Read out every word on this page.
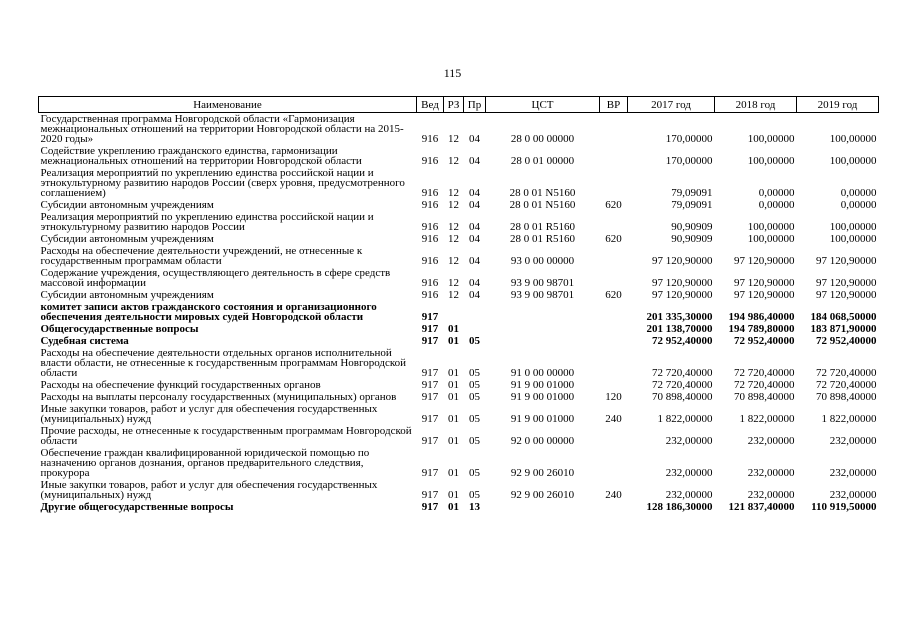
115
Наименование	Вед	РЗ	Пр	ЦСТ	ВР	2017 год	2018 год	2019 год
Государственная программа Новгородской области «Гармонизация межнациональных отношений на территории Новгородской области на 2015-2020 годы»	916	12	04	28 0 00 00000		170,00000	100,00000	100,00000
Содействие укреплению гражданского единства, гармонизации межнациональных отношений на территории Новгородской области	916	12	04	28 0 01 00000		170,00000	100,00000	100,00000
Реализация мероприятий по укреплению единства российской нации и этнокультурному развитию народов России (сверх уровня, предусмотренного соглашением)	916	12	04	28 0 01 N5160		79,09091	0,00000	0,00000
Субсидии автономным учреждениям	916	12	04	28 0 01 N5160	620	79,09091	0,00000	0,00000
Реализация мероприятий по укреплению единства российской нации и этнокультурному развитию народов России	916	12	04	28 0 01 R5160		90,90909	100,00000	100,00000
Субсидии автономным учреждениям	916	12	04	28 0 01 R5160	620	90,90909	100,00000	100,00000
Расходы на обеспечение деятельности учреждений, не отнесенные к государственным программам области	916	12	04	93 0 00 00000		97 120,90000	97 120,90000	97 120,90000
Содержание учреждения, осуществляющего деятельность в сфере средств массовой информации	916	12	04	93 9 00 98701		97 120,90000	97 120,90000	97 120,90000
Субсидии автономным учреждениям	916	12	04	93 9 00 98701	620	97 120,90000	97 120,90000	97 120,90000
комитет записи актов гражданского состояния и организационного обеспечения деятельности мировых судей Новгородской области	917					201 335,30000	194 986,40000	184 068,50000
Общегосударственные вопросы	917	01				201 138,70000	194 789,80000	183 871,90000
Судебная система	917	01	05			72 952,40000	72 952,40000	72 952,40000
Расходы на обеспечение деятельности отдельных органов исполнительной власти области, не отнесенные к государственным программам Новгородской области	917	01	05	91 0 00 00000		72 720,40000	72 720,40000	72 720,40000
Расходы на обеспечение функций государственных органов	917	01	05	91 9 00 01000		72 720,40000	72 720,40000	72 720,40000
Расходы на выплаты персоналу государственных (муниципальных) органов	917	01	05	91 9 00 01000	120	70 898,40000	70 898,40000	70 898,40000
Иные закупки товаров, работ и услуг для обеспечения государственных (муниципальных) нужд	917	01	05	91 9 00 01000	240	1 822,00000	1 822,00000	1 822,00000
Прочие расходы, не отнесенные к государственным программам Новгородской области	917	01	05	92 0 00 00000		232,00000	232,00000	232,00000
Обеспечение граждан квалифицированной юридической помощью по назначению органов дознания, органов предварительного следствия, прокурора	917	01	05	92 9 00 26010		232,00000	232,00000	232,00000
Иные закупки товаров, работ и услуг для обеспечения государственных (муниципальных) нужд	917	01	05	92 9 00 26010	240	232,00000	232,00000	232,00000
Другие общегосударственные вопросы	917	01	13			128 186,30000	121 837,40000	110 919,50000
